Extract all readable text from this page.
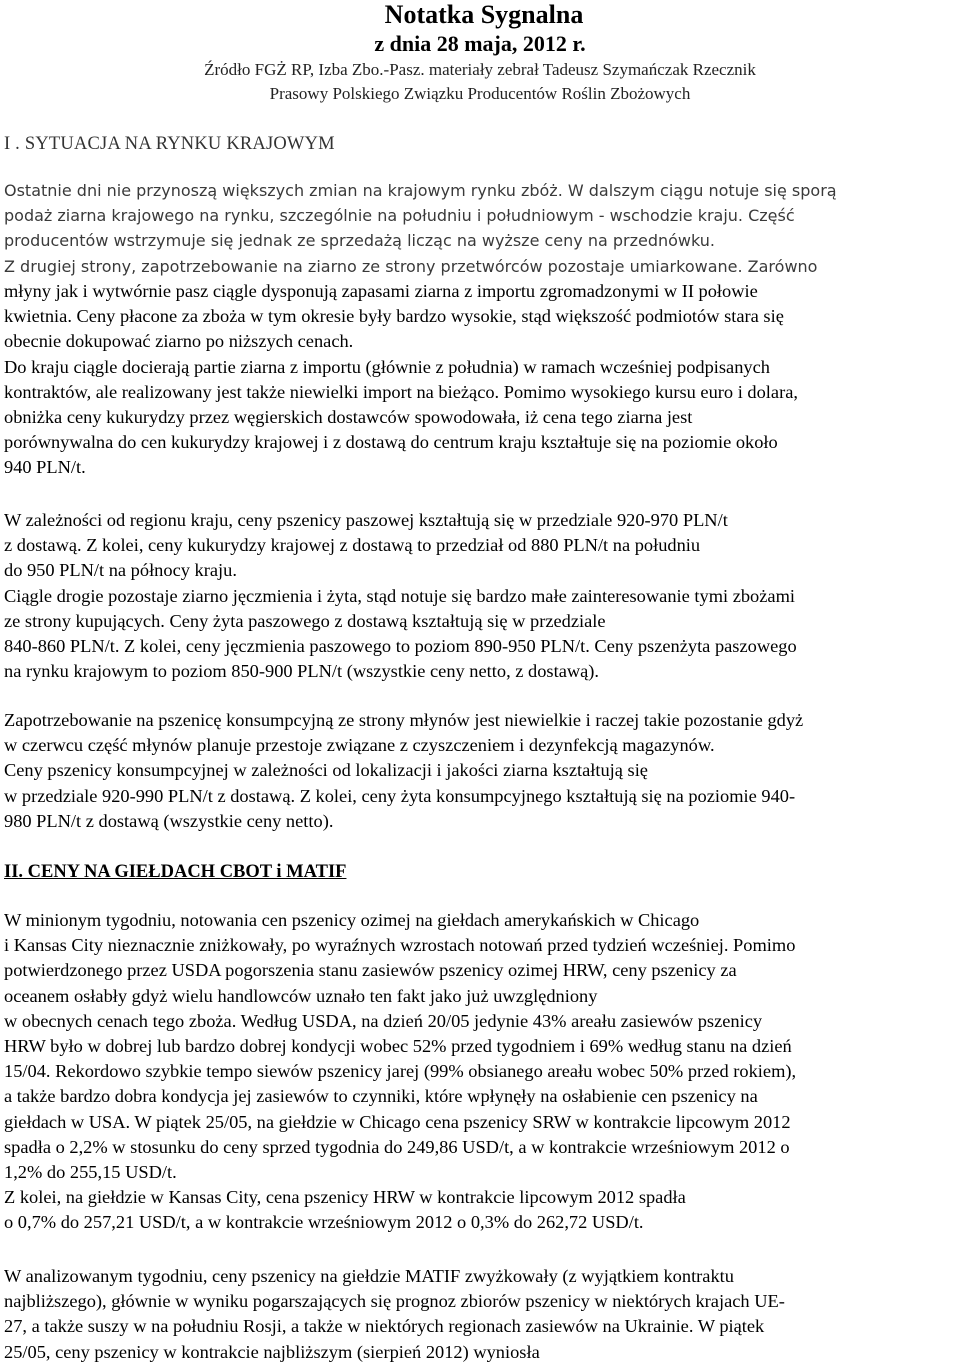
Notatka Sygnalna
z dnia 28 maja, 2012 r.
Źródło FGŻ RP, Izba Zbo.-Pasz. materiały zebrał Tadeusz Szymańczak Rzecznik
Prasowy Polskiego Związku Producentów Roślin Zbożowych
I . SYTUACJA NA RYNKU KRAJOWYM
Ostatnie dni nie przynoszą większych zmian na krajowym rynku zbóż. W dalszym ciągu notuje się sporą
podaż ziarna krajowego na rynku, szczególnie na południu i południowym - wschodzie kraju. Część
producentów wstrzymuje się jednak ze sprzedażą licząc na wyższe ceny na przednówku.
Z drugiej strony, zapotrzebowanie na ziarno ze strony przetwórców pozostaje umiarkowane. Zarówno
młyny jak i wytwórnie pasz ciągle dysponują zapasami ziarna z importu zgromadzonymi w II połowie
kwietnia. Ceny płacone za zboża w tym okresie były bardzo wysokie, stąd większość podmiotów stara się
obecnie dokupować ziarno po niższych cenach.
Do kraju ciągle docierają partie ziarna z importu (głównie z południa) w ramach wcześniej podpisanych
kontraktów, ale realizowany jest także niewielki import na bieżąco. Pomimo wysokiego kursu euro i dolara,
obniżka ceny kukurydzy przez węgierskich dostawców spowodowała, iż cena tego ziarna jest
porównywalna do cen kukurydzy krajowej i z dostawą do centrum kraju kształtuje się na poziomie około
940 PLN/t.
W zależności od regionu kraju, ceny pszenicy paszowej kształtują się w przedziale 920-970 PLN/t
z dostawą. Z kolei, ceny kukurydzy krajowej z dostawą to przedział od 880 PLN/t na południu
do 950 PLN/t na północy kraju.
Ciągle drogie pozostaje ziarno jęczmienia i żyta, stąd notuje się bardzo małe zainteresowanie tymi zbożami
ze strony kupujących. Ceny żyta paszowego z dostawą kształtują się w przedziale
840-860 PLN/t. Z kolei, ceny jęczmienia paszowego to poziom 890-950 PLN/t. Ceny pszenżyta paszowego
na rynku krajowym to poziom 850-900 PLN/t (wszystkie ceny netto, z dostawą).
Zapotrzebowanie na pszenicę konsumpcyjną ze strony młynów jest niewielkie i raczej takie pozostanie gdyż
w czerwcu część młynów planuje przestoje związane z czyszczeniem i dezynfekcją magazynów.
Ceny pszenicy konsumpcyjnej w zależności od lokalizacji i jakości ziarna kształtują się
w przedziale 920-990 PLN/t z dostawą. Z kolei, ceny żyta konsumpcyjnego kształtują się na poziomie 940-
980 PLN/t z dostawą (wszystkie ceny netto).
II. CENY NA GIEŁDACH CBOT i MATIF
W minionym tygodniu, notowania cen pszenicy ozimej na giełdach amerykańskich w Chicago
i Kansas City nieznacznie zniżkowały, po wyraźnych wzrostach notowań przed tydzień wcześniej. Pomimo
potwierdzonego przez USDA pogorszenia stanu zasiewów pszenicy ozimej HRW, ceny pszenicy za
oceanem osłabły gdyż wielu handlowców uznało ten fakt jako już uwzględniony
w obecnych cenach tego zboża. Według USDA, na dzień 20/05 jedynie 43% areału zasiewów pszenicy
HRW było w dobrej lub bardzo dobrej kondycji wobec 52% przed tygodniem i 69% według stanu na dzień
15/04. Rekordowo szybkie tempo siewów pszenicy jarej (99% obsianego areału wobec 50% przed rokiem),
a także bardzo dobra kondycja jej zasiewów to czynniki, które wpłynęły na osłabienie cen pszenicy na
giełdach w USA. W piątek 25/05, na giełdzie w Chicago cena pszenicy SRW w kontrakcie lipcowym 2012
spadła o 2,2% w stosunku do ceny sprzed tygodnia do 249,86 USD/t, a w kontrakcie wrześniowym 2012 o
1,2% do 255,15 USD/t.
Z kolei, na giełdzie w Kansas City, cena pszenicy HRW w kontrakcie lipcowym 2012 spadła
o 0,7% do 257,21 USD/t, a w kontrakcie wrześniowym 2012 o 0,3% do 262,72 USD/t.
W analizowanym tygodniu, ceny pszenicy na giełdzie MATIF zwyżkowały (z wyjątkiem kontraktu
najbliższego), głównie w wyniku pogarszających się prognoz zbiorów pszenicy w niektórych krajach UE-
27, a także suszy w na południu Rosji, a także w niektórych regionach zasiewów na Ukrainie. W piątek
25/05, ceny pszenicy w kontrakcie najbliższym (sierpień 2012) wyniosła
